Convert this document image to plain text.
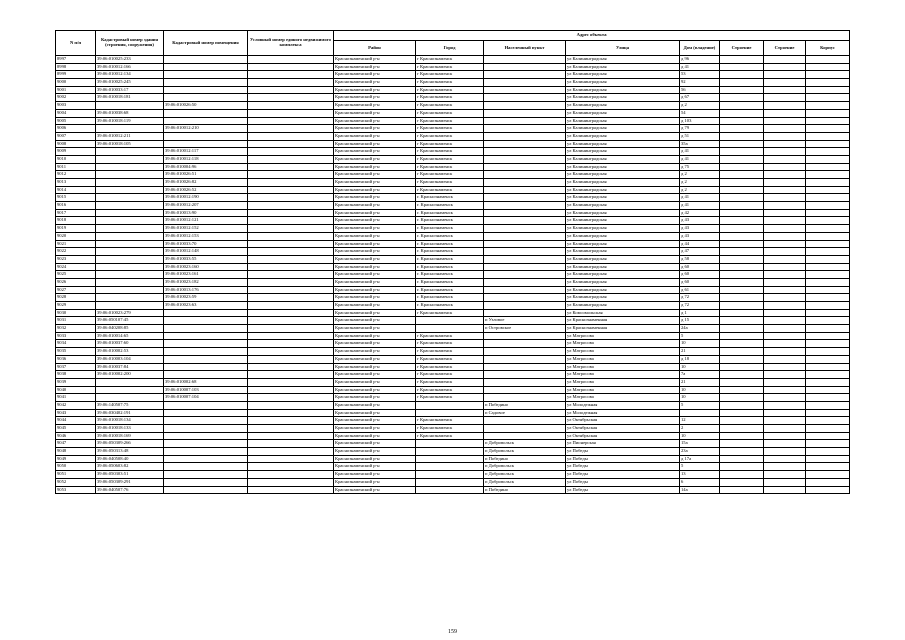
N п/п	Кадастровый номер здания (строения, сооружения)	Кадастровый номер помещения	Условный номер единого недвижимого комплекса	Адрес объекта							
				Район	Город	Населенный пункт	Улица	Дом (владение)	Строение	Строение	Корпус
8997	39:06:010025:233			Краснознаменский р-н	г Краснознаменск		ул Калининградская	д 96			
8998	39:06:010012:166			Краснознаменский р-н	г Краснознаменск		ул Калининградская	д 41			
8999	39:06:010012:134			Краснознаменский р-н	г Краснознаменск		ул Калининградская	53			
9000	39:06:010025:245			Краснознаменский р-н	г Краснознаменск		ул Калининградская	92			
9001	39:06:010033:17			Краснознаменский р-н	г Краснознаменск		ул Калининградская	56			
9002	39:06:010018:181			Краснознаменский р-н	г Краснознаменск		ул Калининградская	д 67			
9003		39:06:010026:50		Краснознаменский р-н	г Краснознаменск		ул Калининградская	д 2			
9004	39:06:010038:68			Краснознаменский р-н	г Краснознаменск		ул Калининградская	54			
9005	39:06:010018:119			Краснознаменский р-н	г Краснознаменск		ул Калининградская	д 103			
9006		39:06:010012:210		Краснознаменский р-н	г Краснознаменск		ул Калининградская	д 79			
9007	39:06:010012:211			Краснознаменский р-н	г Краснознаменск		ул Калининградская	д 51			
9008	39:06:010018:105			Краснознаменский р-н	г Краснознаменск		ул Калининградская	35а			
9009		39:06:010012:117		Краснознаменский р-н	г Краснознаменск		ул Калининградская	д 41			
9010		39:06:010012:118		Краснознаменский р-н	г Краснознаменск		ул Калининградская	д 41			
9011		39:06:010004:96		Краснознаменский р-н	г Краснознаменск		ул Калининградская	д 75			
9012		39:06:010026:51		Краснознаменский р-н	г Краснознаменск		ул Калининградская	д 2			
9013		39:06:010026:82		Краснознаменский р-н	г Краснознаменск		ул Калининградская	д 2			
9014		39:06:010026:52		Краснознаменский р-н	г Краснознаменск		ул Калининградская	д 2			
9015		39:06:010012:190		Краснознаменский р-н	г. Краснознаменск		ул Калининградская	д 41			
9016		39:06:010012:207		Краснознаменский р-н	г. Краснознаменск		ул Калининградская	д 41			
9017		39:06:010013:90		Краснознаменский р-н	г. Краснознаменск		ул Калининградская	д 42			
9018		39:06:010012:121		Краснознаменский р-н	г. Краснознаменск		ул Калининградская	д 43			
9019		39:06:010012:152		Краснознаменский р-н	г. Краснознаменск		ул Калининградская	д 43			
9020		39:06:010012:153		Краснознаменский р-н	г. Краснознаменск		ул Калининградская	д 43			
9021		39:06:010033:70		Краснознаменский р-н	г. Краснознаменск		ул Калининградская	д 44			
9022		39:06:010012:148		Краснознаменский р-н	г. Краснознаменск		ул Калининградская	д 47			
9023		39:06:010033:55		Краснознаменский р-н	г. Краснознаменск		ул Калининградская	д 58			
9024		39:06:010023:160		Краснознаменский р-н	г. Краснознаменск		ул Калининградская	д 60			
9025		39:06:010023:161		Краснознаменский р-н	г. Краснознаменск		ул Калининградская	д 60			
9026		39:06:010023:182		Краснознаменский р-н	г. Краснознаменск		ул Калининградская	д 60			
9027		39:06:010013:176		Краснознаменский р-н	г. Краснознаменск		ул Калининградская	д 61			
9028		39:06:010023:59		Краснознаменский р-н	г. Краснознаменск		ул Калининградская	д 72			
9029		39:06:010023:63		Краснознаменский р-н	г. Краснознаменск		ул Калининградская	д 72			
9030	39:06:010023:279			Краснознаменский р-н	г Краснознаменск		ул Комсомольская	д 1			
9031	39:06:050107:45			Краснознаменский р-н		п Узловое	ул Краснознаменная	д 15			
9032	39:06:040208:85			Краснознаменский р-н		п Островское	ул Краснознаменная	24а			
9033	39:06:010014:65			Краснознаменский р-н	г Краснознаменск		ул Матросова	5			
9034	39:06:010037:60			Краснознаменский р-н	г Краснознаменск		ул Матросова	10			
9035	39:06:010002:53			Краснознаменский р-н	г Краснознаменск		ул Матросова	21			
9036	39:06:010003:104			Краснознаменский р-н	г Краснознаменск		ул Матросова	д 18			
9037	39:06:010037:84			Краснознаменский р-н	г Краснознаменск		ул Матросова	10			
9038	39:06:010002:200			Краснознаменский р-н	г Краснознаменск		ул Матросова	7а			
9039		39:06:010002:68		Краснознаменский р-н	г Краснознаменск		ул Матросова	21			
9040		39:06:010007:103		Краснознаменский р-н	г Краснознаменск		ул Матросова	10			
9041		39:06:010007:104		Краснознаменский р-н	г Краснознаменск		ул Матросова	10			
9042	39:06:140507:75			Краснознаменский р-н		п Победино	ул Молодежная	5			
9043	39:06:030402:191			Краснознаменский р-н		п Садовое	ул Молодежная				
9044	39:06:010018:134			Краснознаменский р-н	г Краснознаменск		ул Октябрьская	12			
9045	39:06:010018:133			Краснознаменский р-н	г Краснознаменск		ул Октябрьская	2			
9046	39:06:010018:169			Краснознаменский р-н	г Краснознаменск		ул Октябрьская	10			
9047	39:06:050309:266			Краснознаменский р-н		п Добровольск	ул Пионерская	15а			
9048	39:06:050313:48			Краснознаменский р-н		п Добровольск	ул Победы	23а			
9049	39:06:040508:40			Краснознаменский р-н		п Победино	ул Победы	д 17а			
9050	39:06:050603:82			Краснознаменский р-н		п Добровольск	ул Победы	5			
9051	39:06:050303:51			Краснознаменский р-н		п Добровольск	ул Победы	13			
9052	39:06:050309:291			Краснознаменский р-н		п Добровольск	ул Победы	6			
9053	39:06:040507:76			Краснознаменский р-н		п Победино	ул Победы	14а			
159
